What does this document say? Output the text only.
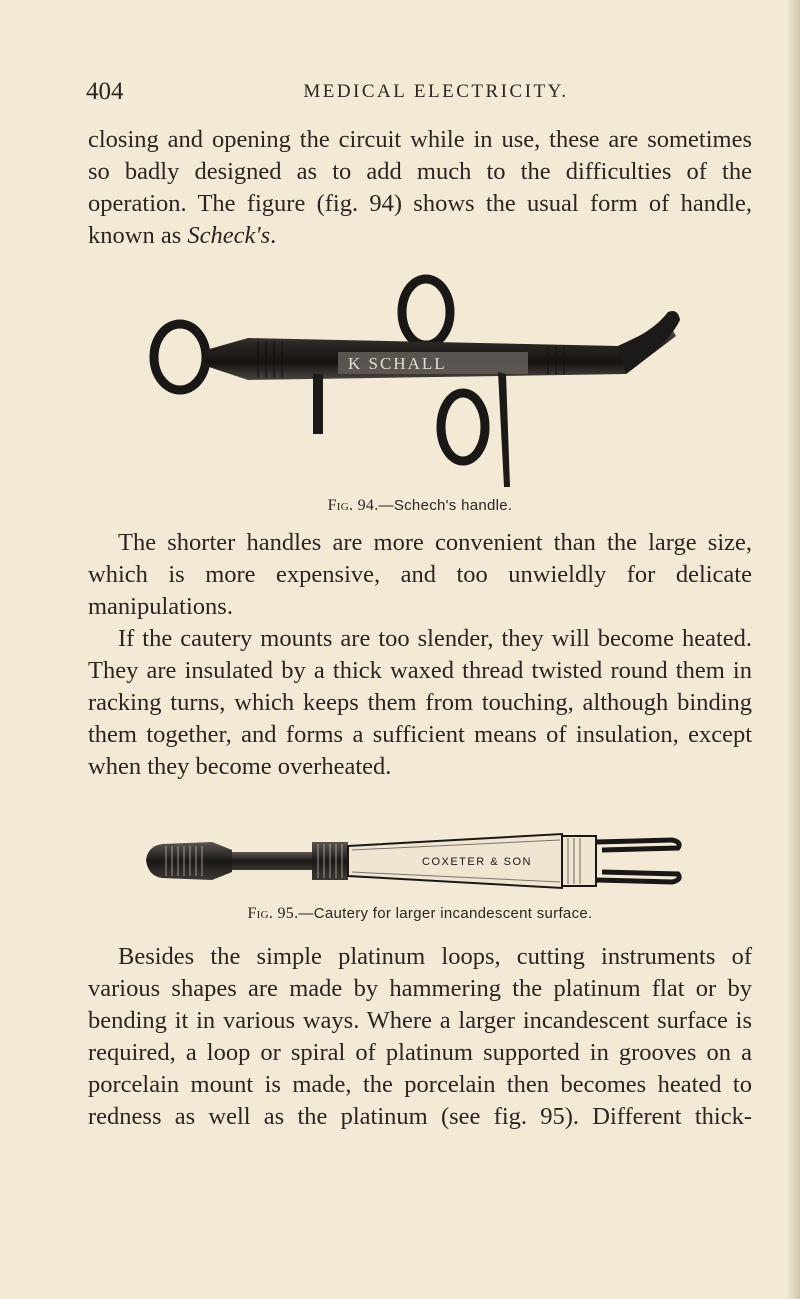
404	MEDICAL ELECTRICITY.

closing and opening the circuit while in use, these are sometimes so badly designed as to add much to the difficulties of the operation. The figure (fig. 94) shows the usual form of handle, known as Scheck's.

K SCHALL
Fig. 94.—Schech's handle.

The shorter handles are more convenient than the large size, which is more expensive, and too unwieldly for delicate manipulations.

If the cautery mounts are too slender, they will become heated. They are insulated by a thick waxed thread twisted round them in racking turns, which keeps them from touching, although binding them together, and forms a sufficient means of insulation, except when they become overheated.

COXETER & SON
Fig. 95.—Cautery for larger incandescent surface.

Besides the simple platinum loops, cutting instruments of various shapes are made by hammering the platinum flat or by bending it in various ways. Where a larger incandescent surface is required, a loop or spiral of platinum supported in grooves on a porcelain mount is made, the porcelain then becomes heated to redness as well as the platinum (see fig. 95). Different thick-
